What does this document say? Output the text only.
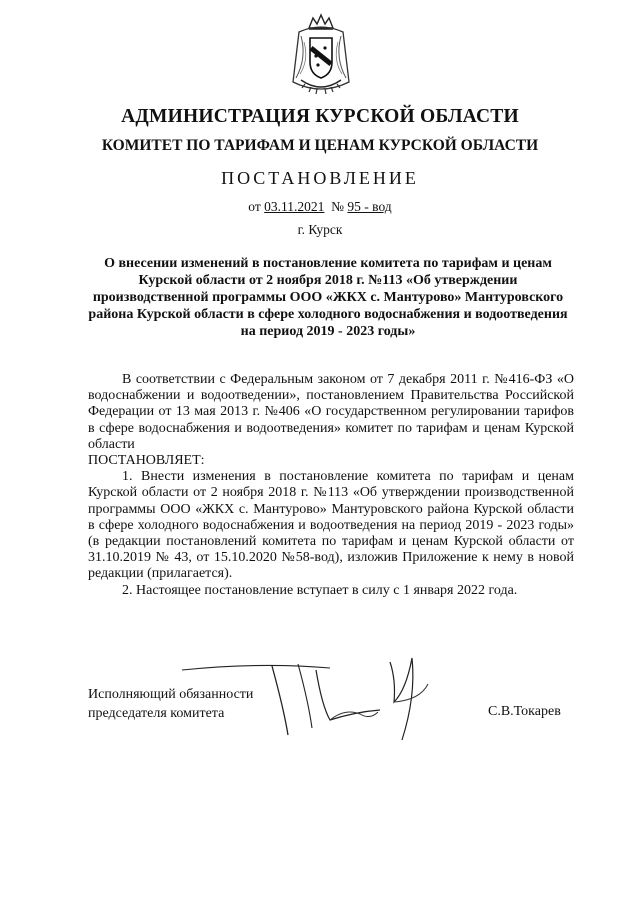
АДМИНИСТРАЦИЯ КУРСКОЙ ОБЛАСТИ
КОМИТЕТ ПО ТАРИФАМ И ЦЕНАМ КУРСКОЙ ОБЛАСТИ
ПОСТАНОВЛЕНИЕ
от 03.11.2021 № 95 - вод
г. Курск
О внесении изменений в постановление комитета по тарифам и ценам Курской области от 2 ноября 2018 г. №113 «Об утверждении производственной программы ООО «ЖКХ с. Мантурово» Мантуровского района Курской области в сфере холодного водоснабжения и водоотведения на период 2019 - 2023 годы»

В соответствии с Федеральным законом от 7 декабря 2011 г. №416-ФЗ «О водоснабжении и водоотведении», постановлением Правительства Российской Федерации от 13 мая 2013 г. №406 «О государственном регулировании тарифов в сфере водоснабжения и водоотведения» комитет по тарифам и ценам Курской области

ПОСТАНОВЛЯЕТ:

1. Внести изменения в постановление комитета по тарифам и ценам Курской области от 2 ноября 2018 г. №113 «Об утверждении производственной программы ООО «ЖКХ с. Мантурово» Мантуровского района Курской области в сфере холодного водоснабжения и водоотведения на период 2019 - 2023 годы» (в редакции постановлений комитета по тарифам и ценам Курской области от 31.10.2019 № 43, от 15.10.2020 №58-вод), изложив Приложение к нему в новой редакции (прилагается).

2. Настоящее постановление вступает в силу с 1 января 2022 года.

Исполняющий обязанности
председателя комитета	С.В.Токарев
